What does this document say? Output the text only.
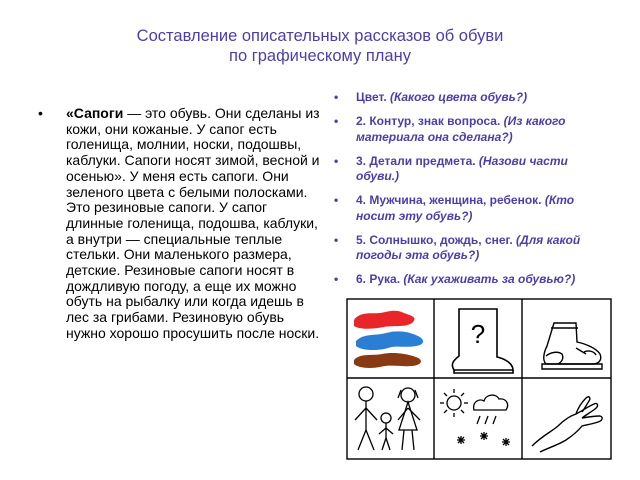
Составление описательных рассказов об обуви
по графическому плану
• «Сапоги — это обувь. Они сделаны из кожи, они кожаные. У сапог есть голенища, молнии, носки, подошвы, каблуки. Сапоги носят зимой, весной и осенью». У меня есть сапоги. Они зеленого цвета с белыми полосками. Это резиновые сапоги. У сапог длинные голенища, подошва, каблуки, а внутри — специальные теплые стельки. Они маленького размера, детские. Резиновые сапоги носят в дождливую погоду, а еще их можно обуть на рыбалку или когда идешь в лес за грибами. Резиновую обувь нужно хорошо просушить после носки.
• Цвет. (Какого цвета обувь?)
• 2. Контур, знак вопроса. (Из какого материала она сделана?)
• 3. Детали предмета. (Назови части обуви.)
• 4. Мужчина, женщина, ребенок. (Кто носит эту обувь?)
• 5. Солнышко, дождь, снег. (Для какой погоды эта обувь?)
• 6. Рука. (Как ухаживать за обувью?)
?
